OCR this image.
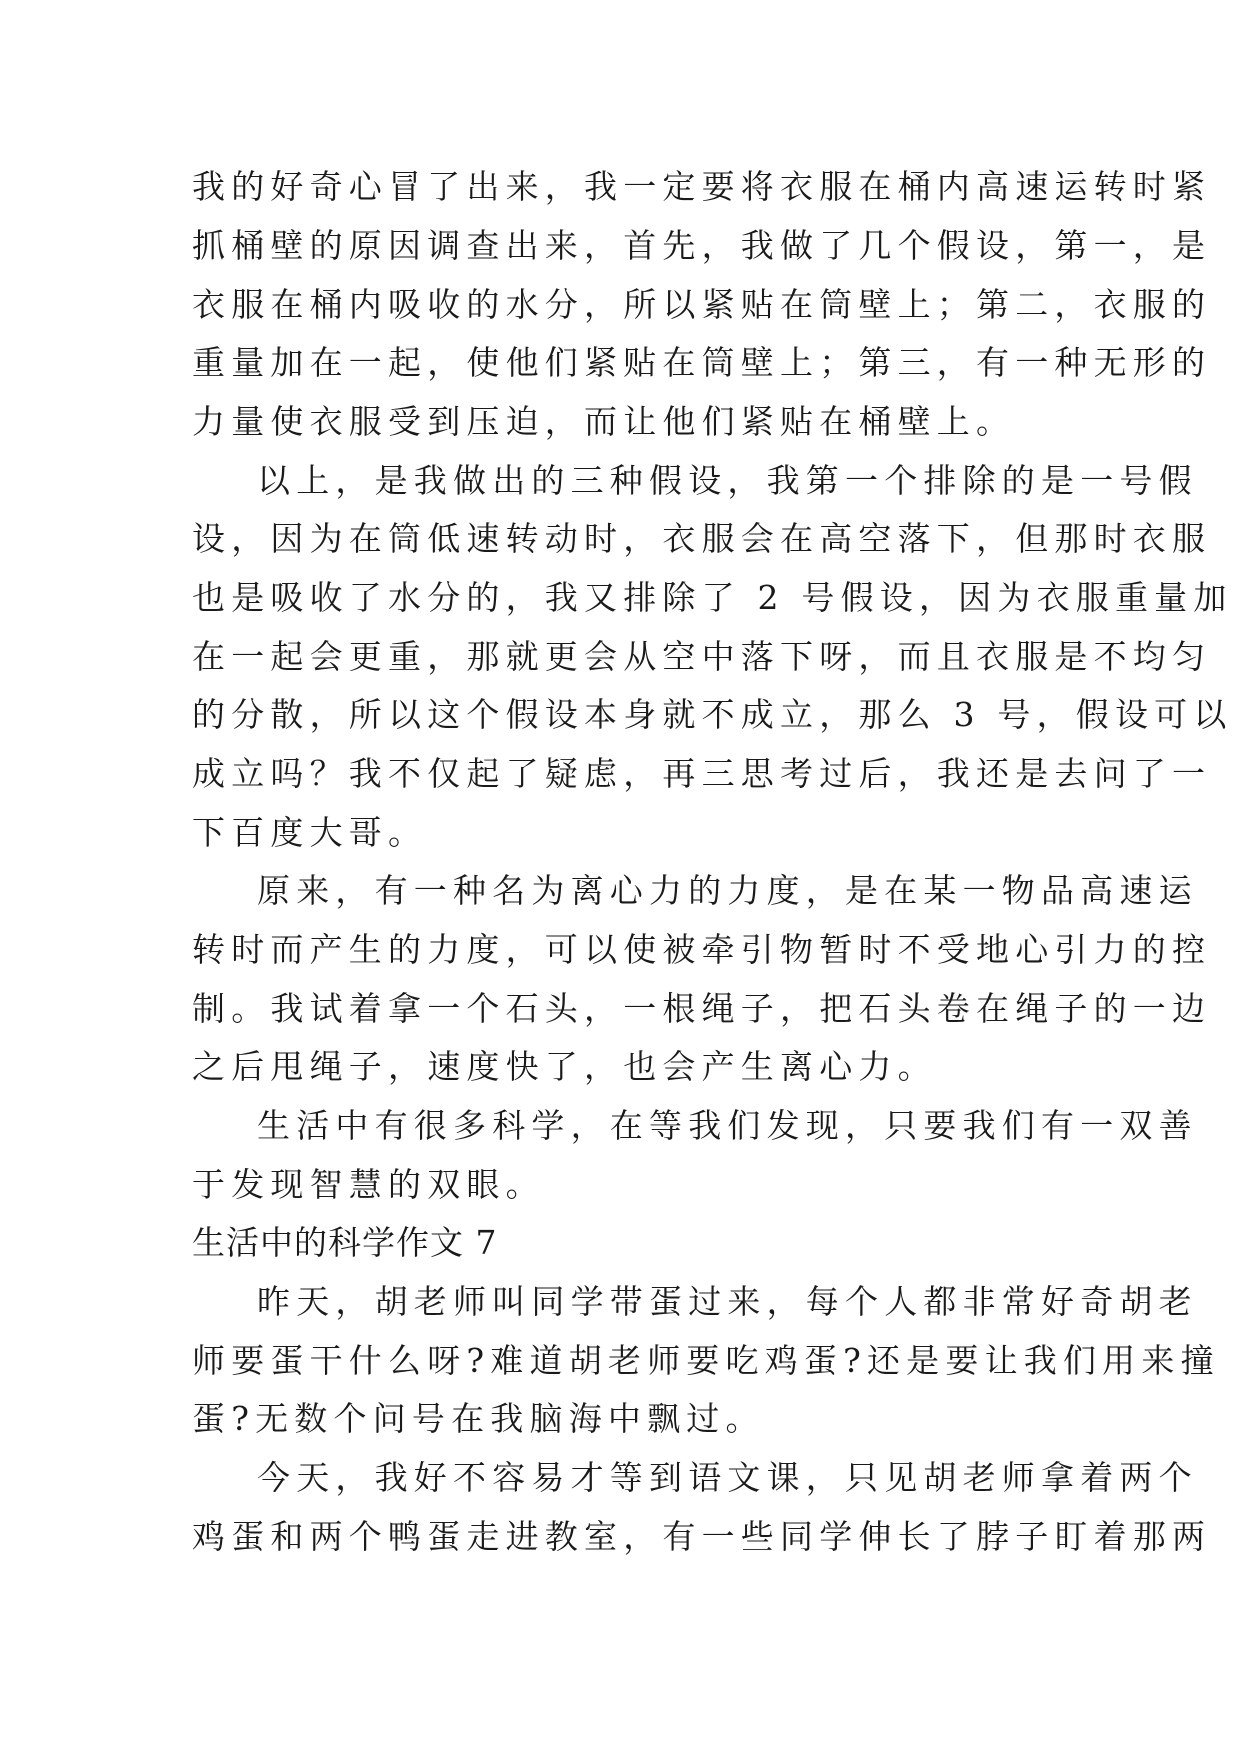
我的好奇心冒了出来，我一定要将衣服在桶内高速运转时紧
抓桶壁的原因调查出来，首先，我做了几个假设，第一，是
衣服在桶内吸收的水分，所以紧贴在筒壁上；第二，衣服的
重量加在一起，使他们紧贴在筒壁上；第三，有一种无形的
力量使衣服受到压迫，而让他们紧贴在桶壁上。
以上，是我做出的三种假设，我第一个排除的是一号假
设，因为在筒低速转动时，衣服会在高空落下，但那时衣服
也是吸收了水分的，我又排除了 2 号假设，因为衣服重量加
在一起会更重，那就更会从空中落下呀，而且衣服是不均匀
的分散，所以这个假设本身就不成立，那么 3 号，假设可以
成立吗？我不仅起了疑虑，再三思考过后，我还是去问了一
下百度大哥。
原来，有一种名为离心力的力度，是在某一物品高速运
转时而产生的力度，可以使被牵引物暂时不受地心引力的控
制。我试着拿一个石头，一根绳子，把石头卷在绳子的一边
之后甩绳子，速度快了，也会产生离心力。
生活中有很多科学，在等我们发现，只要我们有一双善
于发现智慧的双眼。
生活中的科学作文 7
昨天，胡老师叫同学带蛋过来，每个人都非常好奇胡老
师要蛋干什么呀?难道胡老师要吃鸡蛋?还是要让我们用来撞
蛋?无数个问号在我脑海中飘过。
今天，我好不容易才等到语文课，只见胡老师拿着两个
鸡蛋和两个鸭蛋走进教室，有一些同学伸长了脖子盯着那两
